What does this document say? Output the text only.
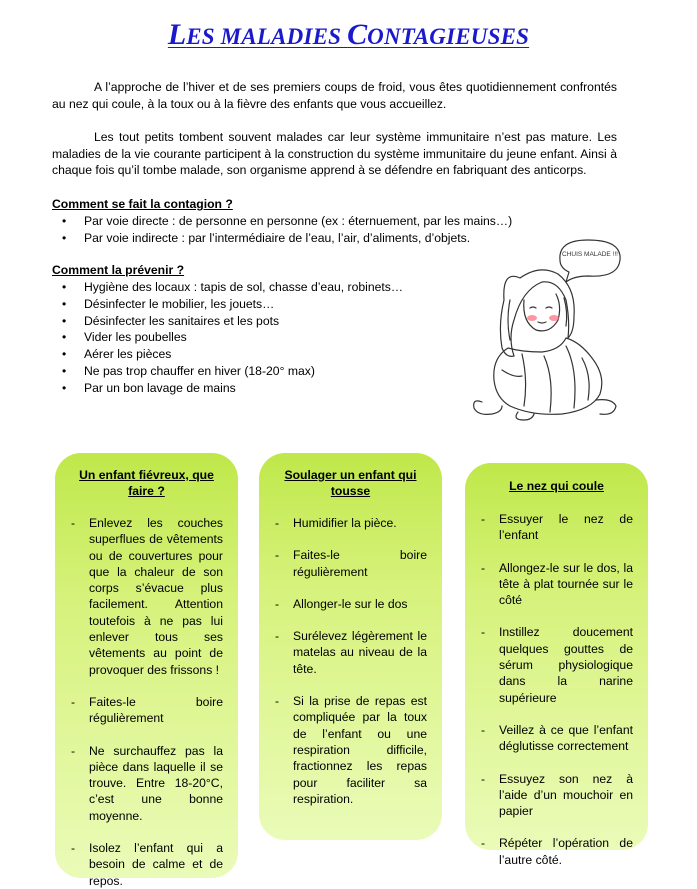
LES MALADIES CONTAGIEUSES
A l’approche de l’hiver et de ses premiers coups de froid, vous êtes quotidiennement confrontés au nez qui coule, à la toux ou à la fièvre des enfants que vous accueillez.
Les tout petits tombent souvent malades car leur système immunitaire n’est pas mature. Les maladies de la vie courante participent à la construction du système immunitaire du jeune enfant. Ainsi à chaque fois qu’il tombe malade, son organisme apprend à se défendre en fabriquant des anticorps.
Comment se fait la contagion ?
• Par voie directe : de personne en personne (ex : éternuement, par les mains…)
• Par voie indirecte : par l’intermédiaire de l’eau, l’air, d’aliments, d’objets.
Comment la prévenir ?
• Hygiène des locaux : tapis de sol, chasse d’eau, robinets…
• Désinfecter le mobilier, les jouets…
• Désinfecter les sanitaires et les pots
• Vider les poubelles
• Aérer les pièces
• Ne pas trop chauffer en hiver (18-20° max)
• Par un bon lavage de mains
CHUIS MALADE !!!
Un enfant fiévreux, que faire ?
- Enlevez les couches superflues de vêtements ou de couvertures pour que la chaleur de son corps s’évacue plus facilement. Attention toutefois à ne pas lui enlever tous ses vêtements au point de provoquer des frissons !
- Faites-le boire régulièrement
- Ne surchauffez pas la pièce dans laquelle il se trouve. Entre 18-20°C, c’est une bonne moyenne.
- Isolez l’enfant qui a besoin de calme et de repos.
Soulager un enfant qui tousse
- Humidifier la pièce.
- Faites-le boire régulièrement
- Allonger-le sur le dos
- Surélevez légèrement le matelas au niveau de la tête.
- Si la prise de repas est compliquée par la toux de l’enfant ou une respiration difficile, fractionnez les repas pour faciliter sa respiration.
Le nez qui coule
- Essuyer le nez de l’enfant
- Allongez-le sur le dos, la tête à plat tournée sur le côté
- Instillez doucement quelques gouttes de sérum physiologique dans la narine supérieure
- Veillez à ce que l’enfant déglutisse correctement
- Essuyez son nez à l’aide d’un mouchoir en papier
- Répéter l’opération de l’autre côté.
